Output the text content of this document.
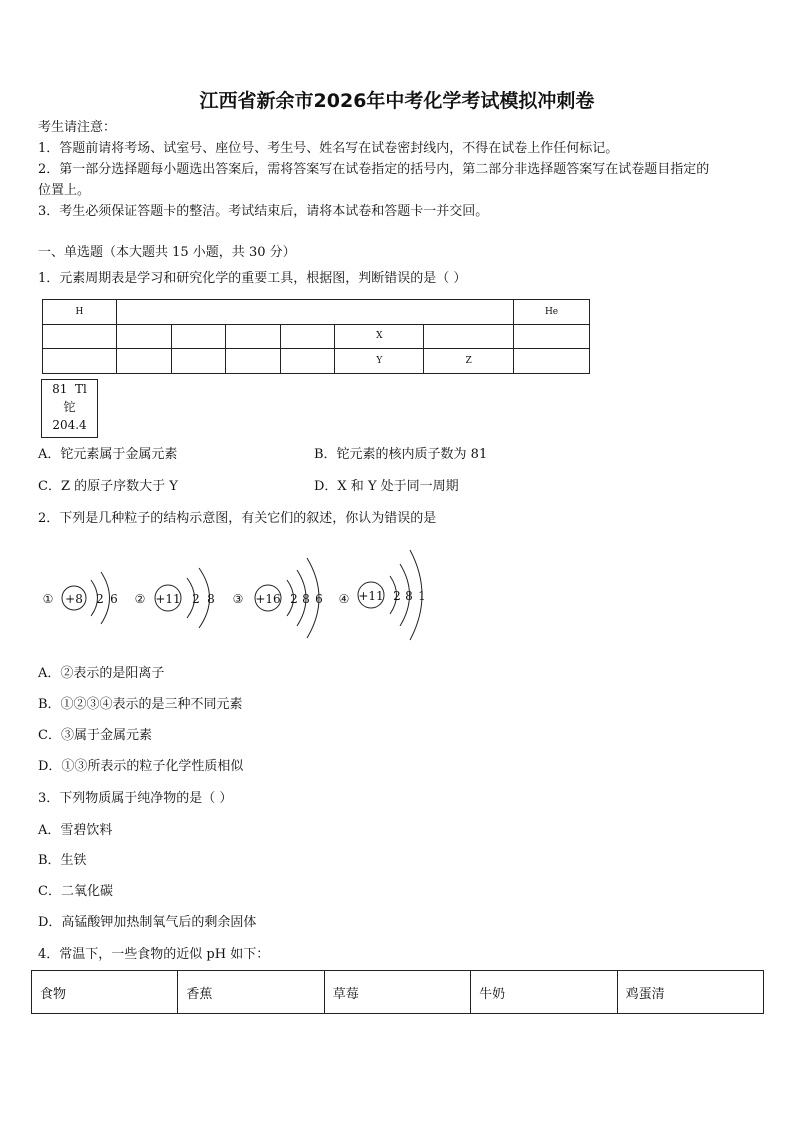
江西省新余市2026年中考化学考试模拟冲刺卷
考生请注意：
1．答题前请将考场、试室号、座位号、考生号、姓名写在试卷密封线内，不得在试卷上作任何标记。
2．第一部分选择题每小题选出答案后，需将答案写在试卷指定的括号内，第二部分非选择题答案写在试卷题目指定的
位置上。
3．考生必须保证答题卡的整洁。考试结束后，请将本试卷和答题卡一并交回。
一、单选题（本大题共 15 小题，共 30 分）
1．元素周期表是学习和研究化学的重要工具，根据图，判断错误的是（ ）
H							He
					X		
					Y	Z	
81 Tl
铊
204.4
A．铊元素属于金属元素	B．铊元素的核内质子数为 81
C．Z 的原子序数大于 Y	D．X 和 Y 处于同一周期
2．下列是几种粒子的结构示意图，有关它们的叙述，你认为错误的是
① +8 2 6 ② +11 2 8 ③ +16 2 8 6 ④ +11 2 8 1
A．②表示的是阳离子
B．①②③④表示的是三种不同元素
C．③属于金属元素
D．①③所表示的粒子化学性质相似
3．下列物质属于纯净物的是（ ）
A．雪碧饮料
B．生铁
C．二氧化碳
D．高锰酸钾加热制氧气后的剩余固体
4．常温下，一些食物的近似 pH 如下：
食物	香蕉	草莓	牛奶	鸡蛋清
